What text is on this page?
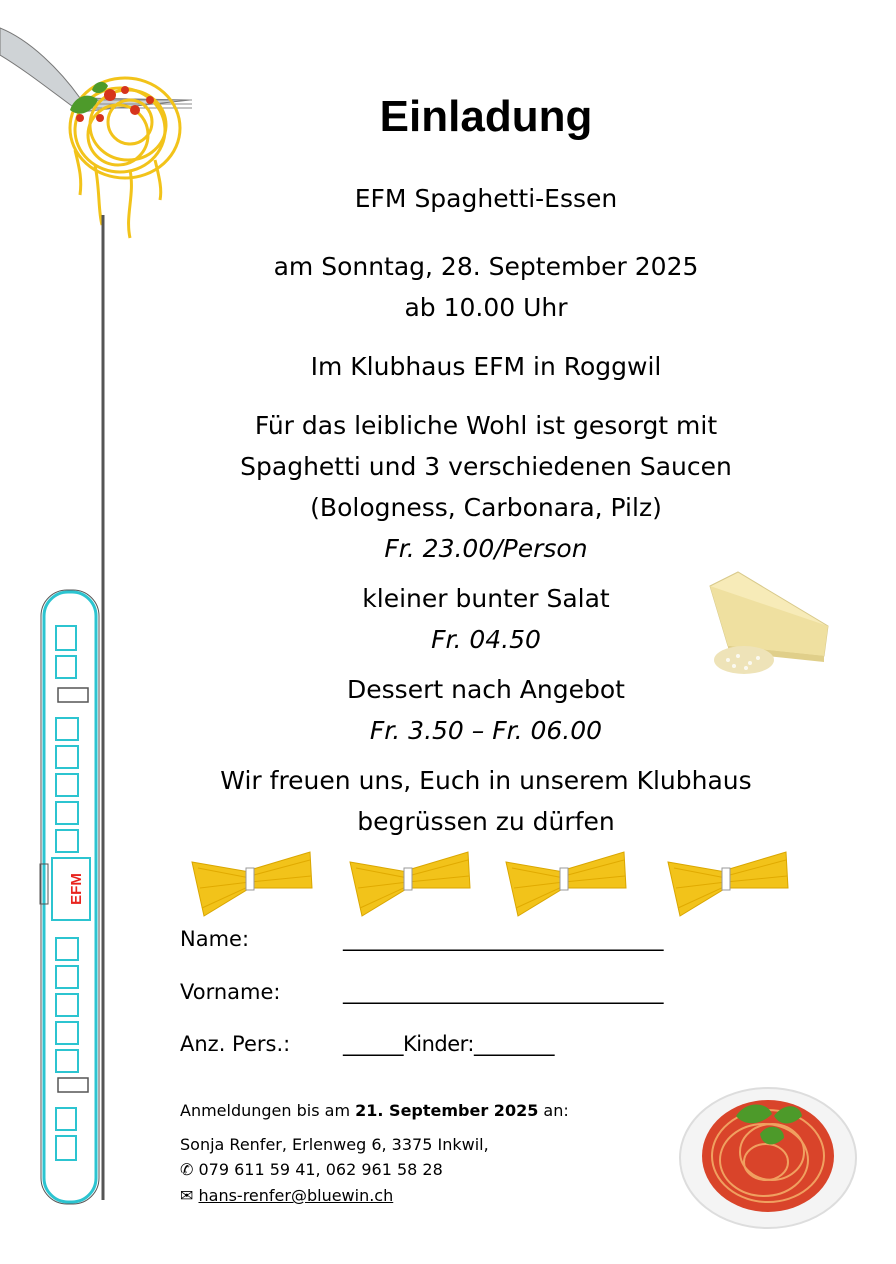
EFM
Einladung
EFM Spaghetti-Essen
am Sonntag, 28. September 2025
ab 10.00 Uhr
Im Klubhaus EFM in Roggwil
Für das leibliche Wohl ist gesorgt mit
Spaghetti und 3 verschiedenen Saucen
(Bologness, Carbonara, Pilz)
Fr. 23.00/Person
kleiner bunter Salat
Fr. 04.50
Dessert nach Angebot
Fr. 3.50 – Fr. 06.00
Wir freuen uns, Euch in unserem Klubhaus
begrüssen zu dürfen
Name:	________________________________
Vorname:	________________________________
Anz. Pers.:	______Kinder:________
Anmeldungen bis am 21. September 2025 an:
Sonja Renfer, Erlenweg 6, 3375 Inkwil,
✆ 079 611 59 41, 062 961 58 28
✉ hans-renfer@bluewin.ch
